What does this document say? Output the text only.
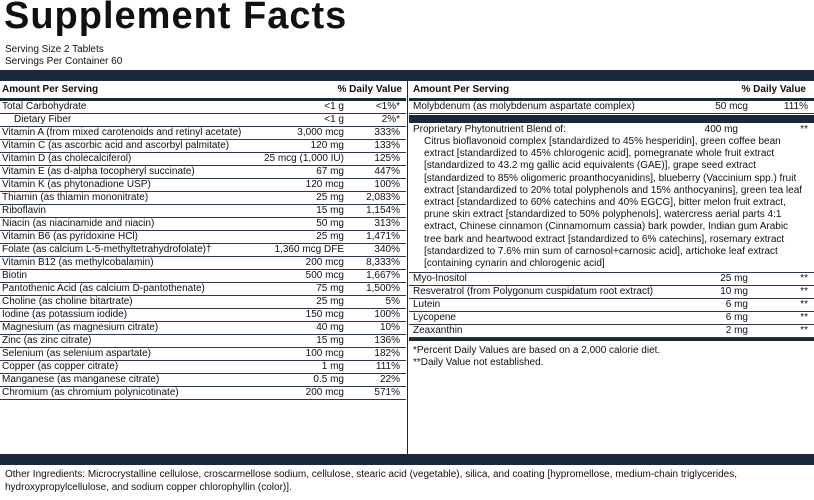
Supplement Facts
Serving Size 2 Tablets
Servings Per Container 60
Amount Per Serving	% Daily Value
Total Carbohydrate	<1 g	<1%*
Dietary Fiber	<1 g	2%*
Vitamin A (from mixed carotenoids and retinyl acetate)	3,000 mcg	333%
Vitamin C (as ascorbic acid and ascorbyl palmitate)	120 mg	133%
Vitamin D (as cholecalciferol)	25 mcg (1,000 IU)	125%
Vitamin E (as d-alpha tocopheryl succinate)	67 mg	447%
Vitamin K (as phytonadione USP)	120 mcg	100%
Thiamin (as thiamin mononitrate)	25 mg 2,083%
Riboflavin	15 mg 1,154%
Niacin (as niacinamide and niacin)	50 mg	313%
Vitamin B6 (as pyridoxine HCl)	25 mg 1,471%
Folate (as calcium L-5-methyltetrahydrofolate)†	1,360 mcg DFE	340%
Vitamin B12 (as methylcobalamin)	200 mcg 8,333%
Biotin	500 mcg 1,667%
Pantothenic Acid (as calcium D-pantothenate)	75 mg 1,500%
Choline (as choline bitartrate)	25 mg	5%
Iodine (as potassium iodide)	150 mcg	100%
Magnesium (as magnesium citrate)	40 mg	10%
Zinc (as zinc citrate)	15 mg	136%
Selenium (as selenium aspartate)	100 mcg	182%
Copper (as copper citrate)	1 mg	111%
Manganese (as manganese citrate)	0.5 mg	22%
Chromium (as chromium polynicotinate)	200 mcg	571%
Amount Per Serving	% Daily Value
Molybdenum (as molybdenum aspartate complex)	50 mcg	111%
Proprietary Phytonutrient Blend of:	400 mg	**
Citrus bioflavonoid complex [standardized to 45% hesperidin], green coffee bean extract [standardized to 45% chlorogenic acid], pomegranate whole fruit extract [standardized to 43.2 mg gallic acid equivalents (GAE)], grape seed extract [standardized to 85% oligomeric proanthocyanidins], blueberry (Vaccinium spp.) fruit extract [standardized to 20% total polyphenols and 15% anthocyanins], green tea leaf extract [standardized to 60% catechins and 40% EGCG], bitter melon fruit extract, prune skin extract [standardized to 50% polyphenols], watercress aerial parts 4:1 extract, Chinese cinnamon (Cinnamomum cassia) bark powder, Indian gum Arabic tree bark and heartwood extract [standardized to 6% catechins], rosemary extract [standardized to 7.6% min sum of carnosol+carnosic acid], artichoke leaf extract [containing cynarin and chlorogenic acid]
Myo-Inositol	25 mg	**
Resveratrol (from Polygonum cuspidatum root extract)	10 mg	**
Lutein	6 mg	**
Lycopene	6 mg	**
Zeaxanthin	2 mg	**
*Percent Daily Values are based on a 2,000 calorie diet.
**Daily Value not established.
Other Ingredients: Microcrystalline cellulose, croscarmellose sodium, cellulose, stearic acid (vegetable), silica, and coating [hypromellose, medium-chain triglycerides, hydroxypropylcellulose, and sodium copper chlorophyllin (color)].
